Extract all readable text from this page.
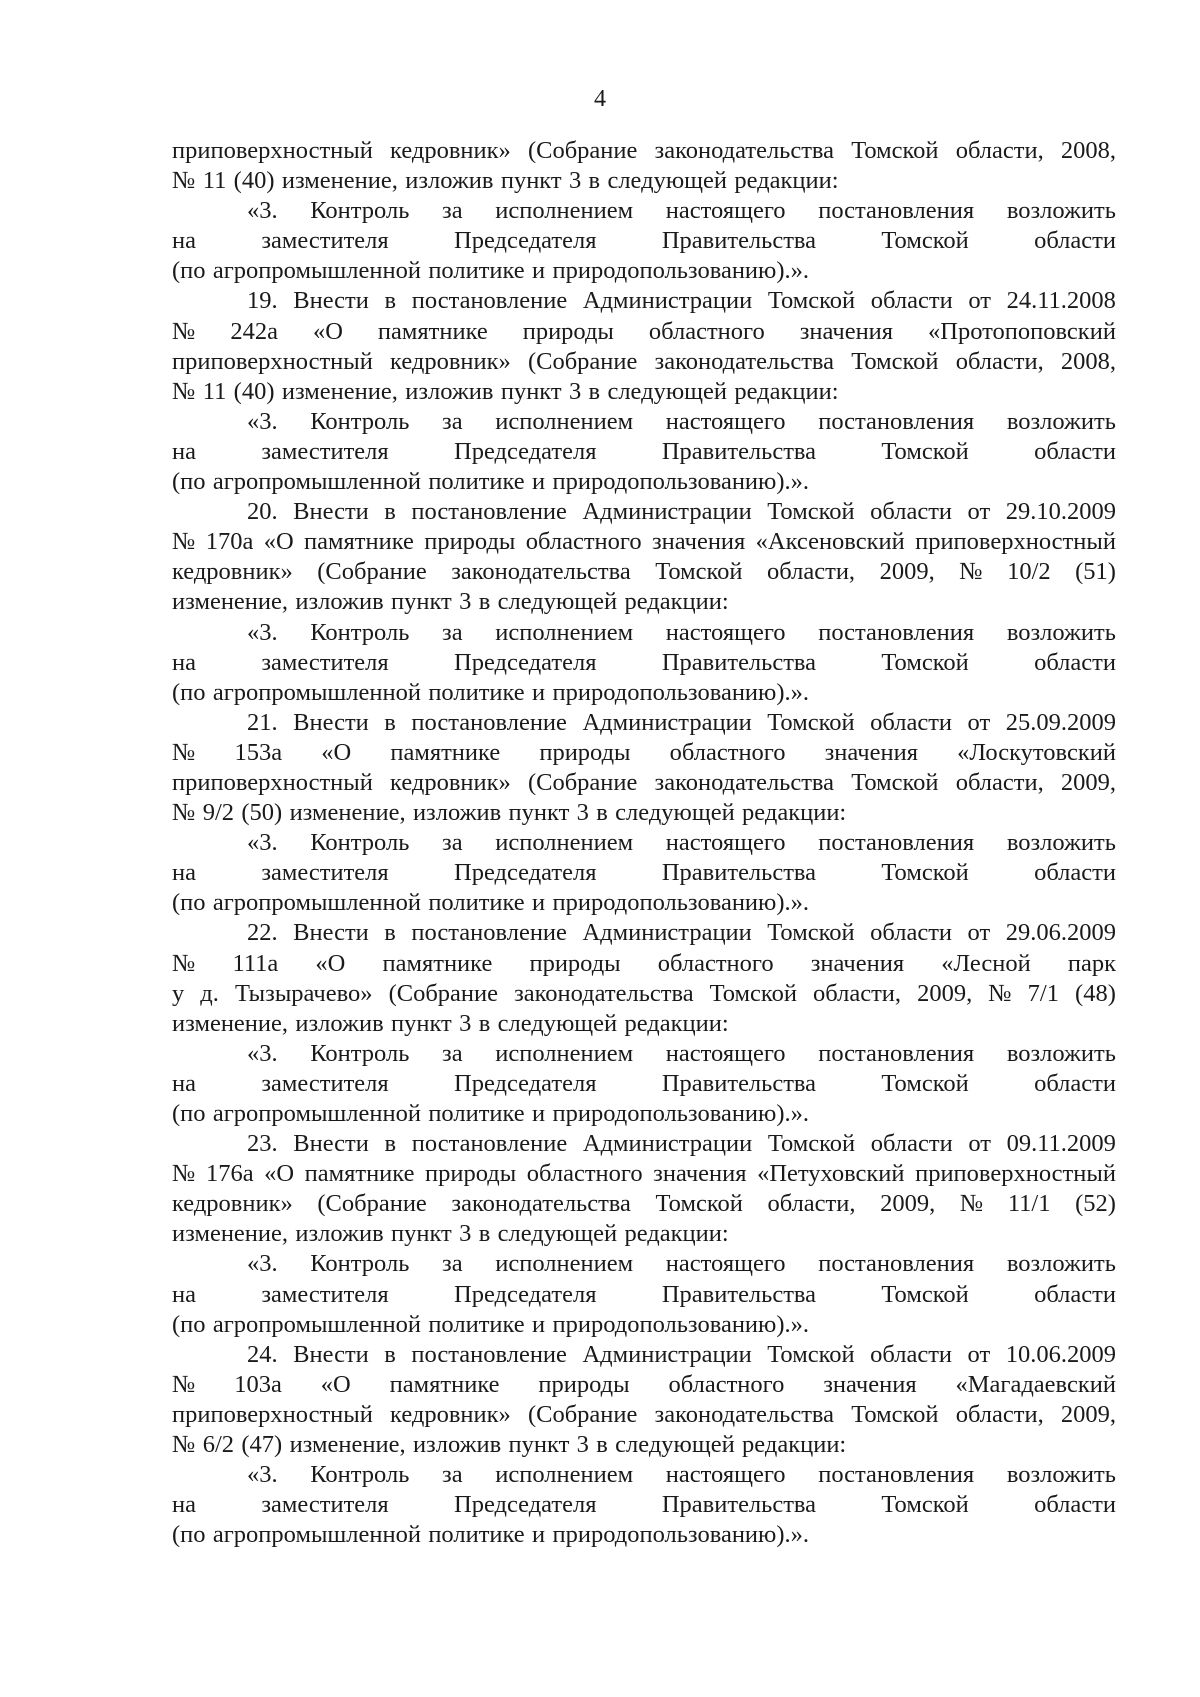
4
приповерхностный кедровник» (Собрание законодательства Томской области, 2008,
№ 11 (40) изменение, изложив пункт 3 в следующей редакции:
«3. Контроль за исполнением настоящего постановления возложить
на	заместителя	Председателя	Правительства	Томской	области
(по агропромышленной политике и природопользованию).».
19. Внести в постановление Администрации Томской области от 24.11.2008
№ 242а «О памятнике природы областного значения «Протопоповский
приповерхностный кедровник» (Собрание законодательства Томской области, 2008,
№ 11 (40) изменение, изложив пункт 3 в следующей редакции:
«3. Контроль за исполнением настоящего постановления возложить
на	заместителя	Председателя	Правительства	Томской	области
(по агропромышленной политике и природопользованию).».
20. Внести в постановление Администрации Томской области от 29.10.2009
№ 170а «О памятнике природы областного значения «Аксеновский приповерхностный
кедровник» (Собрание законодательства Томской области, 2009, № 10/2 (51)
изменение, изложив пункт 3 в следующей редакции:
«3. Контроль за исполнением настоящего постановления возложить
на	заместителя	Председателя	Правительства	Томской	области
(по агропромышленной политике и природопользованию).».
21. Внести в постановление Администрации Томской области от 25.09.2009
№ 153а «О памятнике природы областного значения «Лоскутовский
приповерхностный кедровник» (Собрание законодательства Томской области, 2009,
№ 9/2 (50) изменение, изложив пункт 3 в следующей редакции:
«3. Контроль за исполнением настоящего постановления возложить
на	заместителя	Председателя	Правительства	Томской	области
(по агропромышленной политике и природопользованию).».
22. Внести в постановление Администрации Томской области от 29.06.2009
№ 111а «О памятнике природы областного значения «Лесной парк
у д. Тызырачево» (Собрание законодательства Томской области, 2009, № 7/1 (48)
изменение, изложив пункт 3 в следующей редакции:
«3. Контроль за исполнением настоящего постановления возложить
на	заместителя	Председателя	Правительства	Томской	области
(по агропромышленной политике и природопользованию).».
23. Внести в постановление Администрации Томской области от 09.11.2009
№ 176а «О памятнике природы областного значения «Петуховский приповерхностный
кедровник» (Собрание законодательства Томской области, 2009, № 11/1 (52)
изменение, изложив пункт 3 в следующей редакции:
«3. Контроль за исполнением настоящего постановления возложить
на	заместителя	Председателя	Правительства	Томской	области
(по агропромышленной политике и природопользованию).».
24. Внести в постановление Администрации Томской области от 10.06.2009
№ 103а «О памятнике природы областного значения «Магадаевский
приповерхностный кедровник» (Собрание законодательства Томской области, 2009,
№ 6/2 (47) изменение, изложив пункт 3 в следующей редакции:
«3. Контроль за исполнением настоящего постановления возложить
на	заместителя	Председателя	Правительства	Томской	области
(по агропромышленной политике и природопользованию).».
